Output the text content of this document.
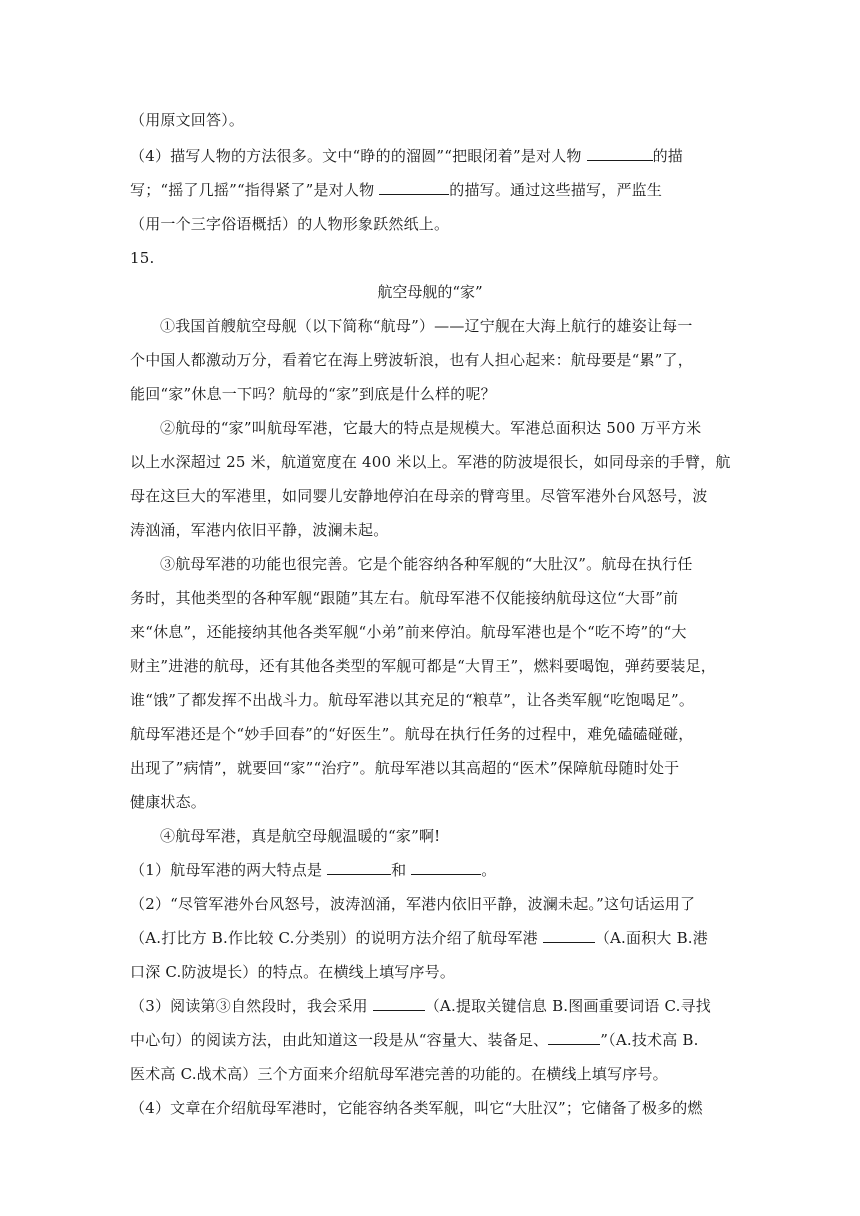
（用原文回答）。
（4）描写人物的方法很多。文中“睁的的溜圆”“把眼闭着”是对人物	的描
写；“摇了几摇”“指得紧了”是对人物	的描写。通过这些描写，严监生
（用一个三字俗语概括）的人物形象跃然纸上。
15.
航空母舰的“家”
①我国首艘航空母舰（以下简称“航母”）——辽宁舰在大海上航行的雄姿让每一
个中国人都激动万分，看着它在海上劈波斩浪，也有人担心起来：航母要是“累”了，
能回“家”休息一下吗？航母的“家”到底是什么样的呢？
②航母的“家”叫航母军港，它最大的特点是规模大。军港总面积达 500 万平方米
以上水深超过 25 米，航道宽度在 400 米以上。军港的防波堤很长，如同母亲的手臂，航
母在这巨大的军港里，如同婴儿安静地停泊在母亲的臂弯里。尽管军港外台风怒号，波
涛汹涌，军港内依旧平静，波澜未起。
③航母军港的功能也很完善。它是个能容纳各种军舰的“大肚汉”。航母在执行任
务时，其他类型的各种军舰“跟随”其左右。航母军港不仅能接纳航母这位“大哥”前
来“休息”，还能接纳其他各类军舰“小弟”前来停泊。航母军港也是个“吃不垮”的“大
财主”进港的航母，还有其他各类型的军舰可都是“大胃王”，燃料要喝饱，弹药要装足，
谁“饿”了都发挥不出战斗力。航母军港以其充足的“粮草”，让各类军舰“吃饱喝足”。
航母军港还是个“妙手回春”的“好医生”。航母在执行任务的过程中，难免磕磕碰碰，
出现了”病情”，就要回“家”“治疗”。航母军港以其高超的“医术”保障航母随时处于
健康状态。
④航母军港，真是航空母舰温暖的“家”啊!
（1）航母军港的两大特点是	和	。
（2）“尽管军港外台风怒号，波涛汹涌，军港内依旧平静，波澜未起。”这句话运用了
（A.打比方 B.作比较 C.分类别）的说明方法介绍了航母军港	（A.面积大 B.港
口深 C.防波堤长）的特点。在横线上填写序号。
（3）阅读第③自然段时，我会采用	（A.提取关键信息 B.图画重要词语 C.寻找
中心句）的阅读方法，由此知道这一段是从“容量大、装备足、	”（A.技术高 B.
医术高 C.战术高）三个方面来介绍航母军港完善的功能的。在横线上填写序号。
（4）文章在介绍航母军港时，它能容纳各类军舰，叫它“大肚汉”；它储备了极多的燃
